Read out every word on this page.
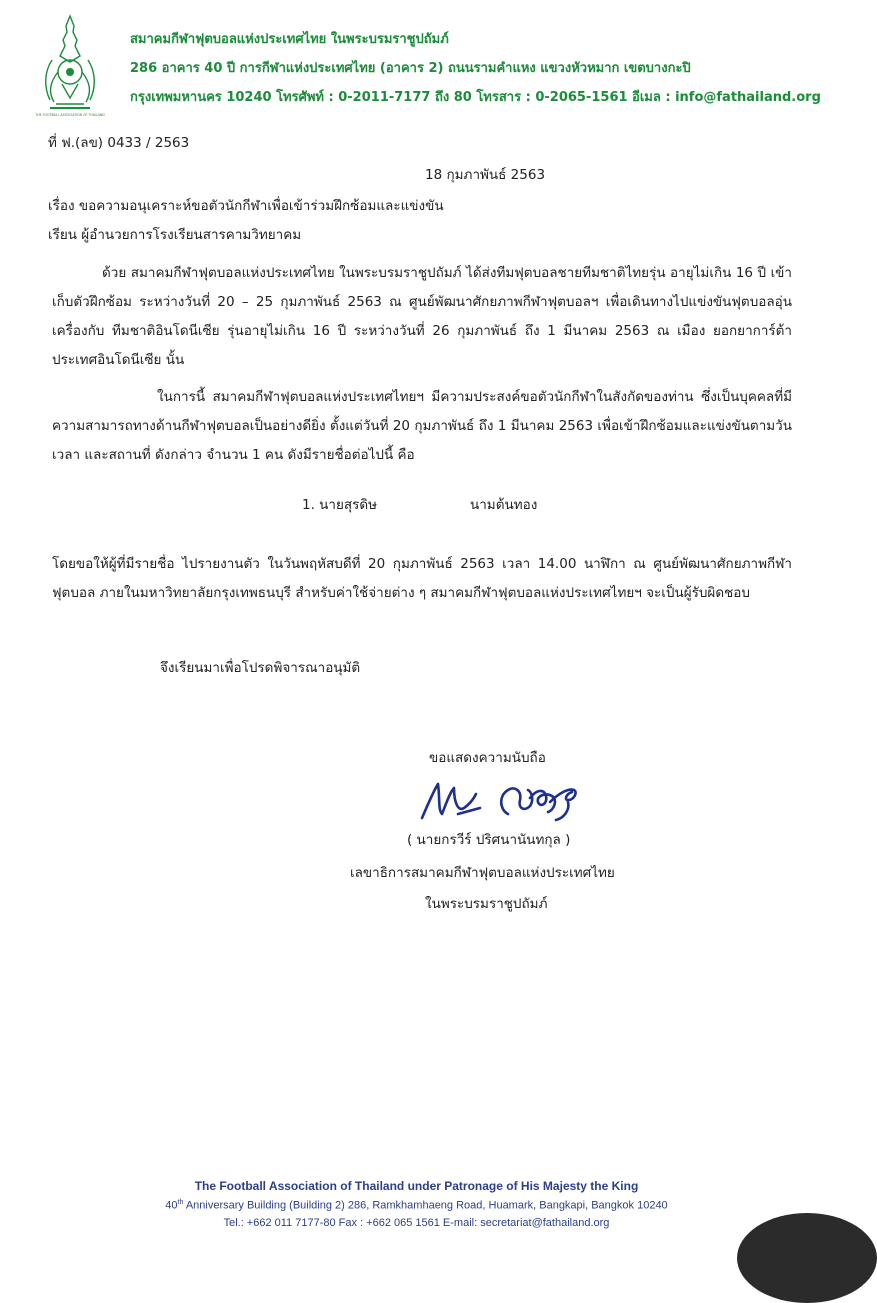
THE FOOTBALL ASSOCIATION OF THAILAND
สมาคมกีฬาฟุตบอลแห่งประเทศไทย ในพระบรมราชูปถัมภ์
286 อาคาร 40 ปี การกีฬาแห่งประเทศไทย (อาคาร 2) ถนนรามคำแหง แขวงหัวหมาก เขตบางกะปิ
กรุงเทพมหานคร 10240 โทรศัพท์ : 0-2011-7177 ถึง 80 โทรสาร : 0-2065-1561 อีเมล : info@fathailand.org
ที่ ฟ.(ลข) 0433 / 2563
18 กุมภาพันธ์ 2563
เรื่อง ขอความอนุเคราะห์ขอตัวนักกีฬาเพื่อเข้าร่วมฝึกซ้อมและแข่งขัน
เรียน ผู้อำนวยการโรงเรียนสารคามวิทยาคม
ด้วย สมาคมกีฬาฟุตบอลแห่งประเทศไทย ในพระบรมราชูปถัมภ์ ได้ส่งทีมฟุตบอลชายทีมชาติไทยรุ่น อายุไม่เกิน 16 ปี เข้าเก็บตัวฝึกซ้อม ระหว่างวันที่ 20 – 25 กุมภาพันธ์ 2563 ณ ศูนย์พัฒนาศักยภาพกีฬาฟุตบอลฯ เพื่อเดินทางไปแข่งขันฟุตบอลอุ่นเครื่องกับ ทีมชาติอินโดนีเซีย รุ่นอายุไม่เกิน 16 ปี ระหว่างวันที่ 26 กุมภาพันธ์ ถึง 1 มีนาคม 2563 ณ เมือง ยอกยาการ์ต้า ประเทศอินโดนีเซีย นั้น
ในการนี้ สมาคมกีฬาฟุตบอลแห่งประเทศไทยฯ มีความประสงค์ขอตัวนักกีฬาในสังกัดของท่าน ซึ่งเป็นบุคคลที่มีความสามารถทางด้านกีฬาฟุตบอลเป็นอย่างดียิ่ง ตั้งแต่วันที่ 20 กุมภาพันธ์ ถึง 1 มีนาคม 2563 เพื่อเข้าฝึกซ้อมและแข่งขันตามวัน เวลา และสถานที่ ดังกล่าว จำนวน 1 คน ดังมีรายชื่อต่อไปนี้ คือ
1. นายสุรดิษ	นามต้นทอง
โดยขอให้ผู้ที่มีรายชื่อ ไปรายงานตัว ในวันพฤหัสบดีที่ 20 กุมภาพันธ์ 2563 เวลา 14.00 นาฬิกา ณ ศูนย์พัฒนาศักยภาพกีฬาฟุตบอล ภายในมหาวิทยาลัยกรุงเทพธนบุรี สำหรับค่าใช้จ่ายต่าง ๆ สมาคมกีฬาฟุตบอลแห่งประเทศไทยฯ จะเป็นผู้รับผิดชอบ
จึงเรียนมาเพื่อโปรดพิจารณาอนุมัติ
ขอแสดงความนับถือ
( นายกรวีร์ ปริศนานันทกุล )
เลขาธิการสมาคมกีฬาฟุตบอลแห่งประเทศไทย
ในพระบรมราชูปถัมภ์
The Football Association of Thailand under Patronage of His Majesty the King
40th Anniversary Building (Building 2) 286, Ramkhamhaeng Road, Huamark, Bangkapi, Bangkok 10240
Tel.: +662 011 7177-80 Fax : +662 065 1561 E-mail: secretariat@fathailand.org
